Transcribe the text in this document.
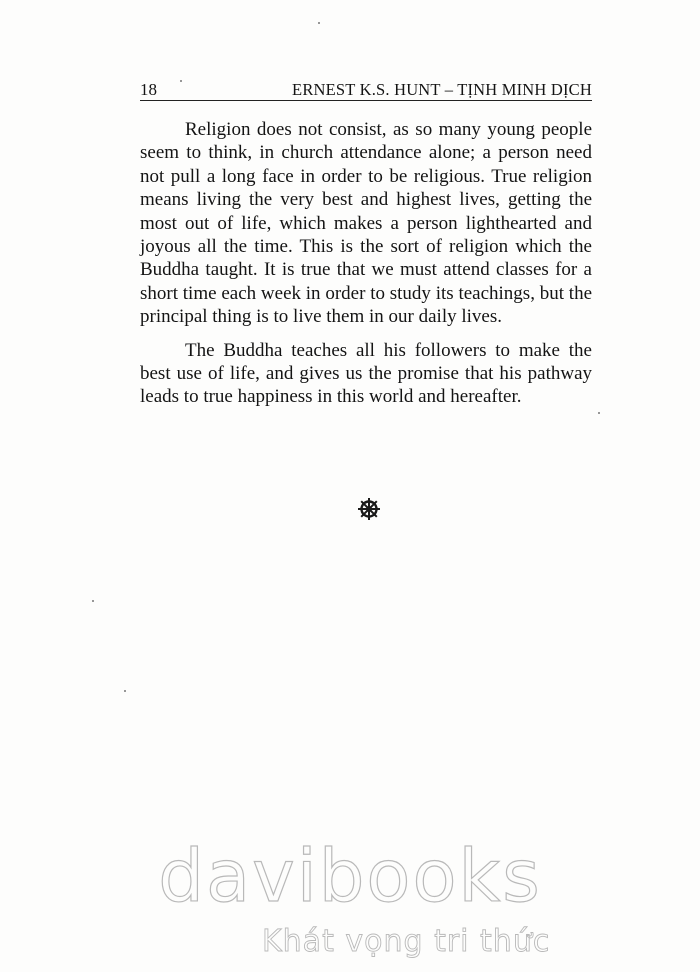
18	ERNEST K.S. HUNT – TỊNH MINH DỊCH

Religion does not consist, as so many young people seem to think, in church attendance alone; a person need not pull a long face in order to be religious. True religion means living the very best and highest lives, getting the most out of life, which makes a person lighthearted and joyous all the time. This is the sort of religion which the Buddha taught. It is true that we must attend classes for a short time each week in order to study its teachings, but the principal thing is to live them in our daily lives.

The Buddha teaches all his followers to make the best use of life, and gives us the promise that his pathway leads to true happiness in this world and hereafter.

davibooks
Khát vọng tri thức
